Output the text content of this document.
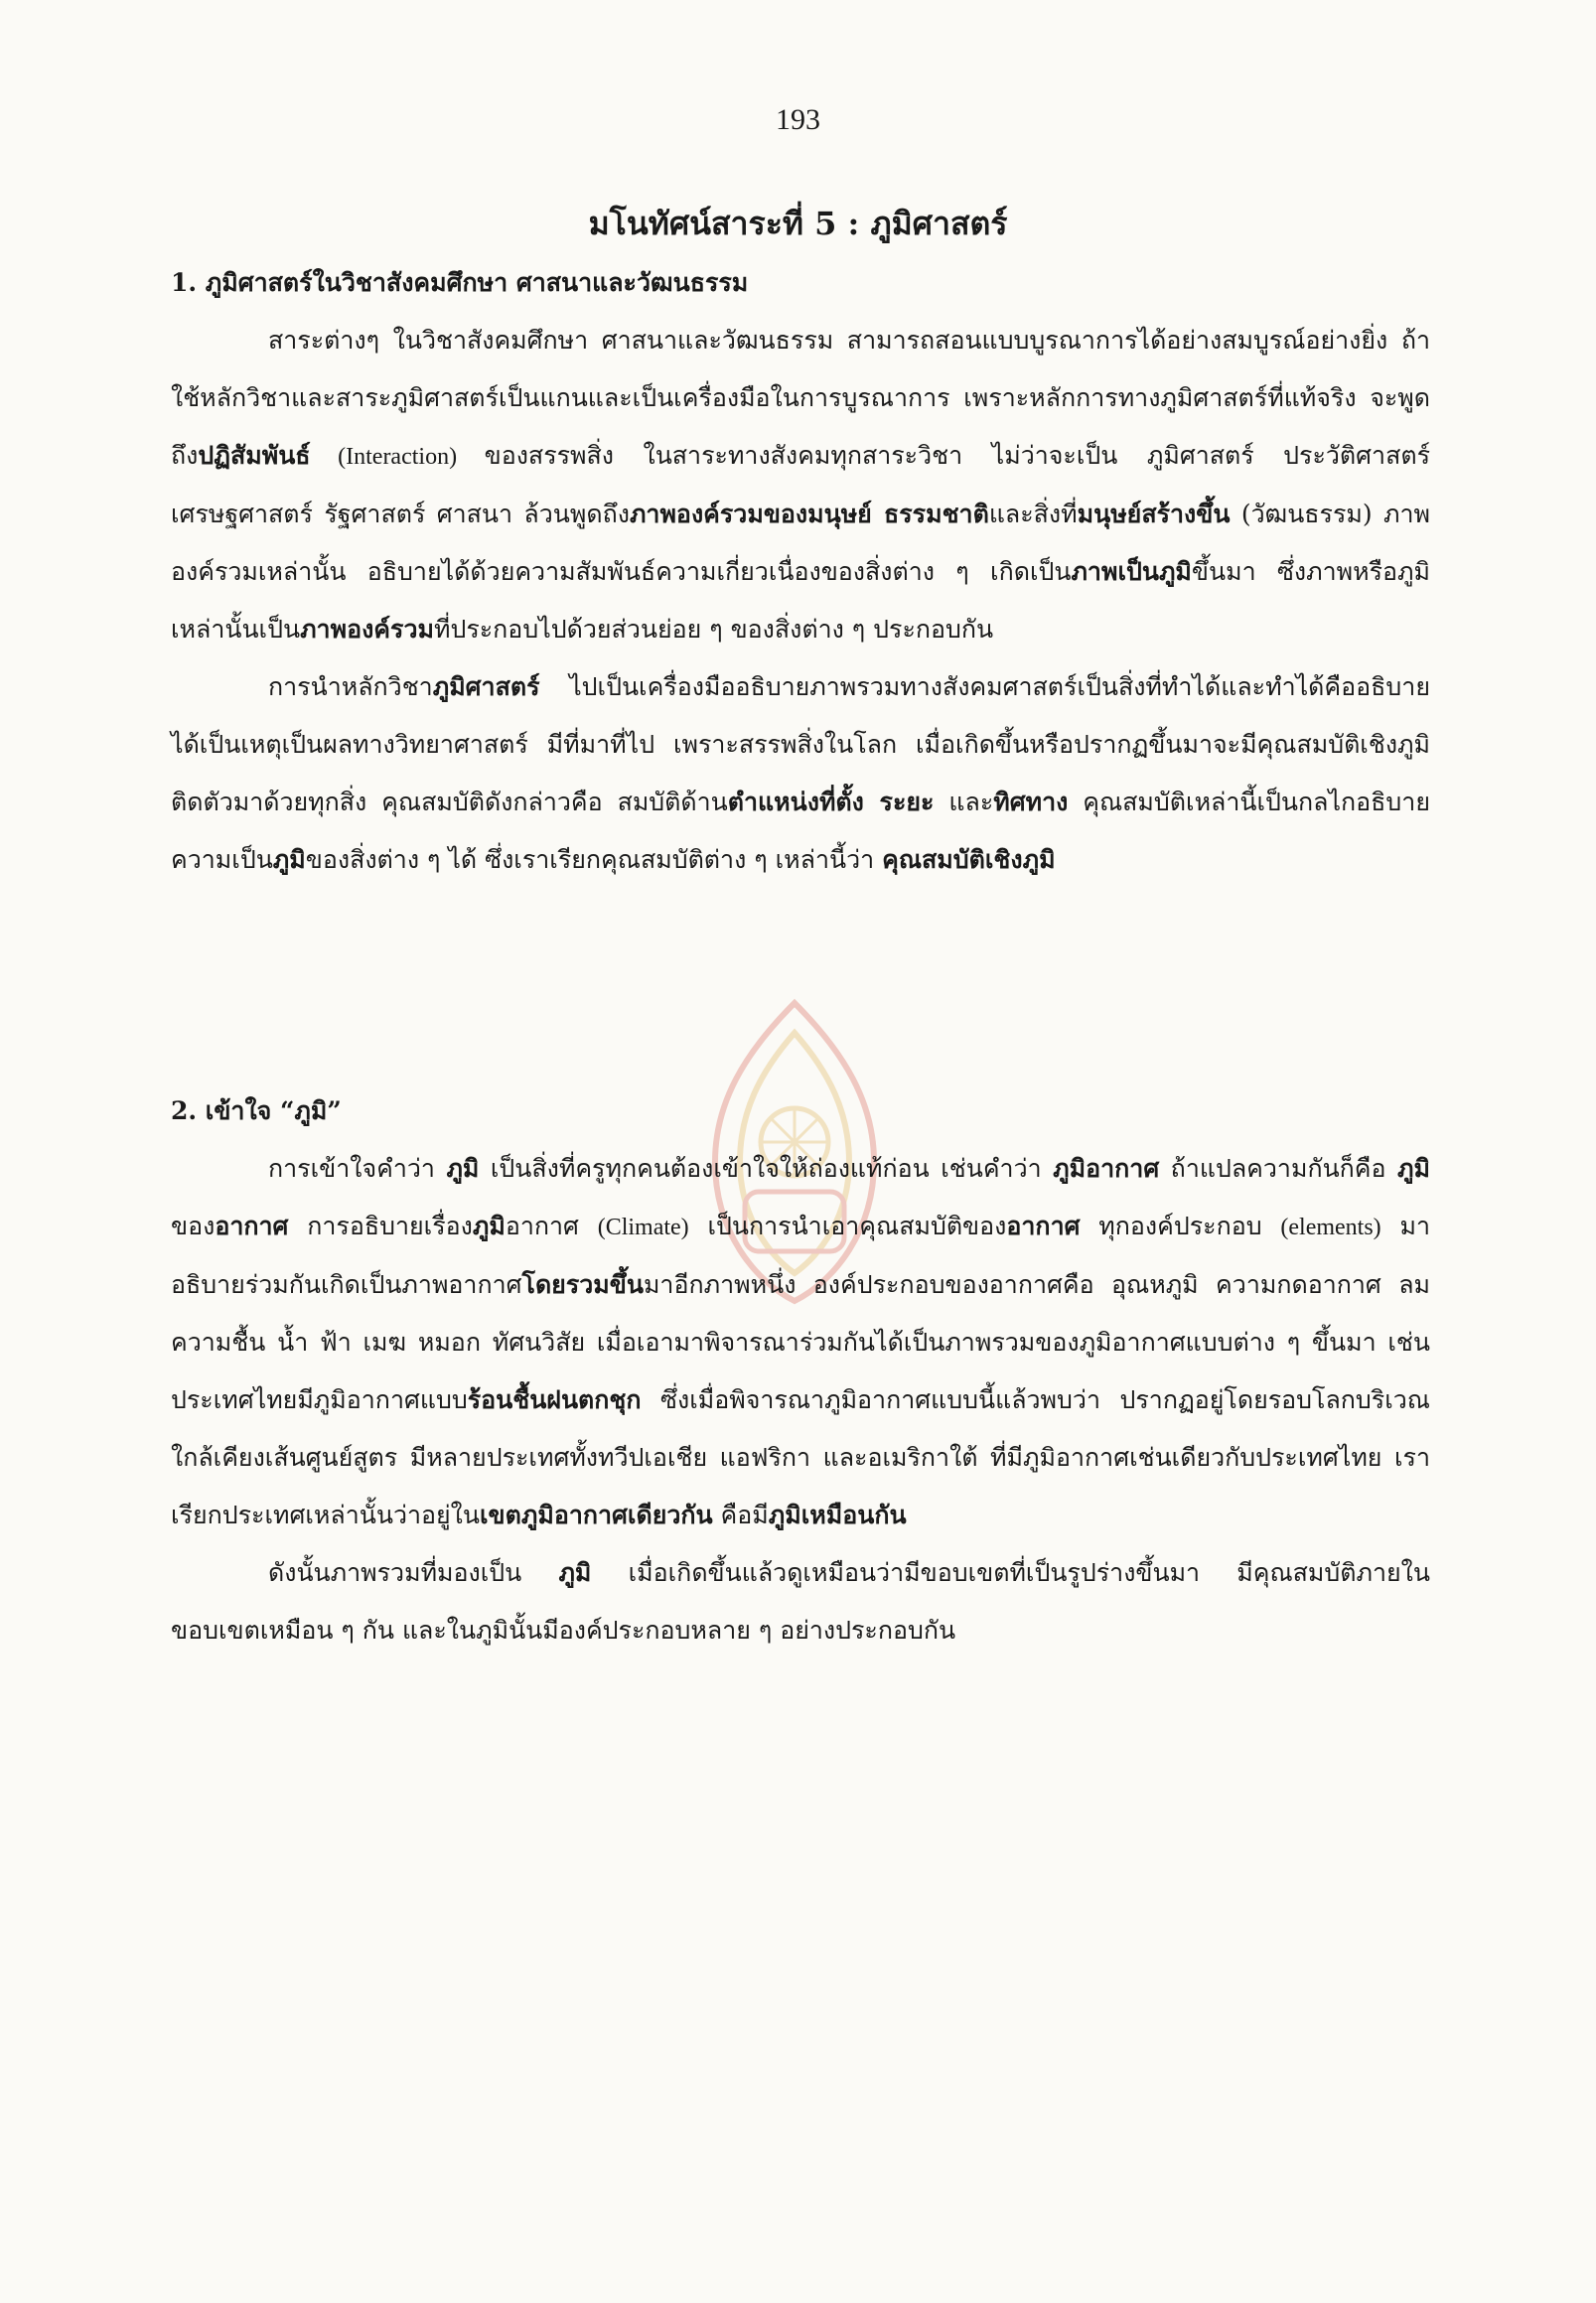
193
มโนทัศน์สาระที่ 5 : ภูมิศาสตร์
1. ภูมิศาสตร์ในวิชาสังคมศึกษา ศาสนาและวัฒนธรรม

สาระต่างๆ ในวิชาสังคมศึกษา ศาสนาและวัฒนธรรม สามารถสอนแบบบูรณาการได้อย่างสมบูรณ์อย่างยิ่ง ถ้าใช้หลักวิชาและสาระภูมิศาสตร์เป็นแกนและเป็นเครื่องมือในการบูรณาการ เพราะหลักการทางภูมิศาสตร์ที่แท้จริง จะพูดถึงปฏิสัมพันธ์ (Interaction) ของสรรพสิ่ง ในสาระทางสังคมทุกสาระวิชา ไม่ว่าจะเป็น ภูมิศาสตร์ ประวัติศาสตร์ เศรษฐศาสตร์ รัฐศาสตร์ ศาสนา ล้วนพูดถึงภาพองค์รวมของมนุษย์ ธรรมชาติและสิ่งที่มนุษย์สร้างขึ้น (วัฒนธรรม) ภาพองค์รวมเหล่านั้น อธิบายได้ด้วยความสัมพันธ์ความเกี่ยวเนื่องของสิ่งต่าง ๆ เกิดเป็นภาพเป็นภูมิขึ้นมา ซึ่งภาพหรือภูมิเหล่านั้นเป็นภาพองค์รวมที่ประกอบไปด้วยส่วนย่อย ๆ ของสิ่งต่าง ๆ ประกอบกัน

การนำหลักวิชาภูมิศาสตร์ ไปเป็นเครื่องมืออธิบายภาพรวมทางสังคมศาสตร์เป็นสิ่งที่ทำได้และทำได้คืออธิบายได้เป็นเหตุเป็นผลทางวิทยาศาสตร์ มีที่มาที่ไป เพราะสรรพสิ่งในโลก เมื่อเกิดขึ้นหรือปรากฏขึ้นมาจะมีคุณสมบัติเชิงภูมิติดตัวมาด้วยทุกสิ่ง คุณสมบัติดังกล่าวคือ สมบัติด้านตำแหน่งที่ตั้ง ระยะ และทิศทาง คุณสมบัติเหล่านี้เป็นกลไกอธิบายความเป็นภูมิของสิ่งต่าง ๆ ได้ ซึ่งเราเรียกคุณสมบัติต่าง ๆ เหล่านี้ว่า คุณสมบัติเชิงภูมิ

2. เข้าใจ “ภูมิ”

การเข้าใจคำว่า ภูมิ เป็นสิ่งที่ครูทุกคนต้องเข้าใจให้ถ่องแท้ก่อน เช่นคำว่า ภูมิอากาศ ถ้าแปลความกันก็คือ ภูมิ ของอากาศ การอธิบายเรื่องภูมิอากาศ (Climate) เป็นการนำเอาคุณสมบัติของอากาศ ทุกองค์ประกอบ (elements) มาอธิบายร่วมกันเกิดเป็นภาพอากาศโดยรวมขึ้นมาอีกภาพหนึ่ง องค์ประกอบของอากาศคือ อุณหภูมิ ความกดอากาศ ลม ความชื้น น้ำ ฟ้า เมฆ หมอก ทัศนวิสัย เมื่อเอามาพิจารณาร่วมกันได้เป็นภาพรวมของภูมิอากาศแบบต่าง ๆ ขึ้นมา เช่น ประเทศไทยมีภูมิอากาศแบบร้อนชื้นฝนตกชุก ซึ่งเมื่อพิจารณาภูมิอากาศแบบนี้แล้วพบว่า ปรากฏอยู่โดยรอบโลกบริเวณใกล้เคียงเส้นศูนย์สูตร มีหลายประเทศทั้งทวีปเอเชีย แอฟริกา และอเมริกาใต้ ที่มีภูมิอากาศเช่นเดียวกับประเทศไทย เราเรียกประเทศเหล่านั้นว่าอยู่ในเขตภูมิอากาศเดียวกัน คือมีภูมิเหมือนกัน

ดังนั้นภาพรวมที่มองเป็น ภูมิ เมื่อเกิดขึ้นแล้วดูเหมือนว่ามีขอบเขตที่เป็นรูปร่างขึ้นมา มีคุณสมบัติภายในขอบเขตเหมือน ๆ กัน และในภูมินั้นมีองค์ประกอบหลาย ๆ อย่างประกอบกัน
